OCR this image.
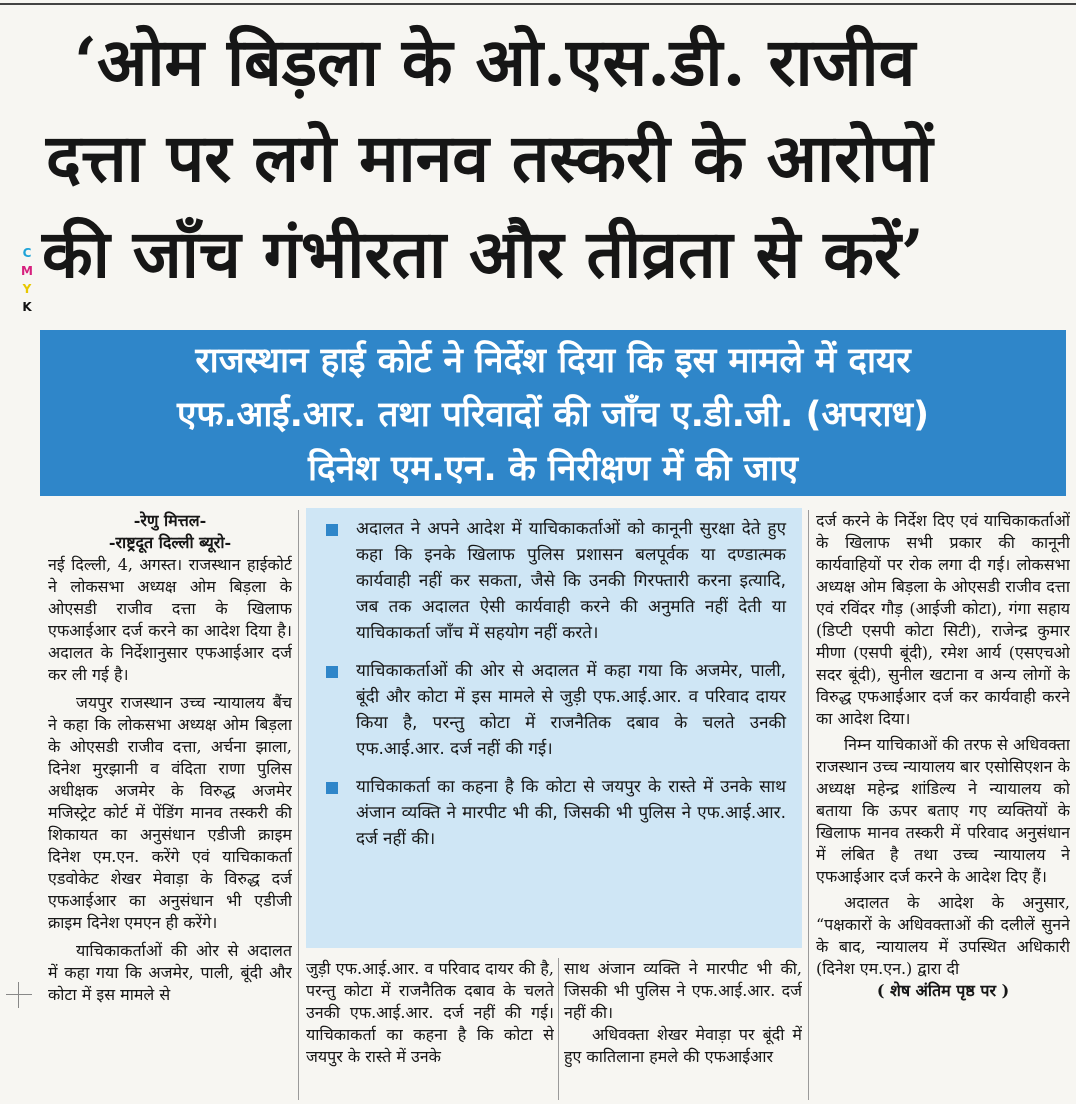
C
M
Y
K
‘ओम बिड़ला के ओ.एस.डी. राजीव
दत्ता पर लगे मानव तस्करी के आरोपों
की जाँच गंभीरता और तीव्रता से करें’
राजस्थान हाई कोर्ट ने निर्देश दिया कि इस मामले में दायर
एफ.आई.आर. तथा परिवादों की जाँच ए.डी.जी. (अपराध)
दिनेश एम.एन. के निरीक्षण में की जाए
-रेणु मित्तल-
-राष्ट्रदूत दिल्ली ब्यूरो-

नई दिल्ली, 4, अगस्त। राजस्थान हाईकोर्ट ने लोकसभा अध्यक्ष ओम बिड़ला के ओएसडी राजीव दत्ता के खिलाफ एफआईआर दर्ज करने का आदेश दिया है। अदालत के निर्देशानुसार एफआईआर दर्ज कर ली गई है।

जयपुर राजस्थान उच्च न्यायालय बैंच ने कहा कि लोकसभा अध्यक्ष ओम बिड़ला के ओएसडी राजीव दत्ता, अर्चना झाला, दिनेश मुरझानी व वंदिता राणा पुलिस अधीक्षक अजमेर के विरुद्ध अजमेर मजिस्ट्रेट कोर्ट में पेंडिंग मानव तस्करी की शिकायत का अनुसंधान एडीजी क्राइम दिनेश एम.एन. करेंगे एवं याचिकाकर्ता एडवोकेट शेखर मेवाड़ा के विरुद्ध दर्ज एफआईआर का अनुसंधान भी एडीजी क्राइम दिनेश एमएन ही करेंगे।

याचिकाकर्ताओं की ओर से अदालत में कहा गया कि अजमेर, पाली, बूंदी और कोटा में इस मामले से

अदालत ने अपने आदेश में याचिकाकर्ताओं को कानूनी सुरक्षा देते हुए कहा कि इनके खिलाफ पुलिस प्रशासन बलपूर्वक या दण्डात्मक कार्यवाही नहीं कर सकता, जैसे कि उनकी गिरफ्तारी करना इत्यादि, जब तक अदालत ऐसी कार्यवाही करने की अनुमति नहीं देती या याचिकाकर्ता जाँच में सहयोग नहीं करते।
याचिकाकर्ताओं की ओर से अदालत में कहा गया कि अजमेर, पाली, बूंदी और कोटा में इस मामले से जुड़ी एफ.आई.आर. व परिवाद दायर किया है, परन्तु कोटा में राजनैतिक दबाव के चलते उनकी एफ.आई.आर. दर्ज नहीं की गई।
याचिकाकर्ता का कहना है कि कोटा से जयपुर के रास्ते में उनके साथ अंजान व्यक्ति ने मारपीट भी की, जिसकी भी पुलिस ने एफ.आई.आर. दर्ज नहीं की।

जुड़ी एफ.आई.आर. व परिवाद दायर की है, परन्तु कोटा में राजनैतिक दबाव के चलते उनकी एफ.आई.आर. दर्ज नहीं की गई। याचिकाकर्ता का कहना है कि कोटा से जयपुर के रास्ते में उनके

साथ अंजान व्यक्ति ने मारपीट भी की, जिसकी भी पुलिस ने एफ.आई.आर. दर्ज नहीं की।

अधिवक्ता शेखर मेवाड़ा पर बूंदी में हुए कातिलाना हमले की एफआईआर

दर्ज करने के निर्देश दिए एवं याचिकाकर्ताओं के खिलाफ सभी प्रकार की कानूनी कार्यवाहियों पर रोक लगा दी गई। लोकसभा अध्यक्ष ओम बिड़ला के ओएसडी राजीव दत्ता एवं रविंदर गौड़ (आईजी कोटा), गंगा सहाय (डिप्टी एसपी कोटा सिटी), राजेन्द्र कुमार मीणा (एसपी बूंदी), रमेश आर्य (एसएचओ सदर बूंदी), सुनील खटाना व अन्य लोगों के विरुद्ध एफआईआर दर्ज कर कार्यवाही करने का आदेश दिया।

निम्न याचिकाओं की तरफ से अधिवक्ता राजस्थान उच्च न्यायालय बार एसोसिएशन के अध्यक्ष महेन्द्र शांडिल्य ने न्यायालय को बताया कि ऊपर बताए गए व्यक्तियों के खिलाफ मानव तस्करी में परिवाद अनुसंधान में लंबित है तथा उच्च न्यायालय ने एफआईआर दर्ज करने के आदेश दिए हैं।

अदालत के आदेश के अनुसार, “पक्षकारों के अधिवक्ताओं की दलीलें सुनने के बाद, न्यायालय में उपस्थित अधिकारी (दिनेश एम.एन.) द्वारा दी

( शेष अंतिम पृष्ठ पर )
